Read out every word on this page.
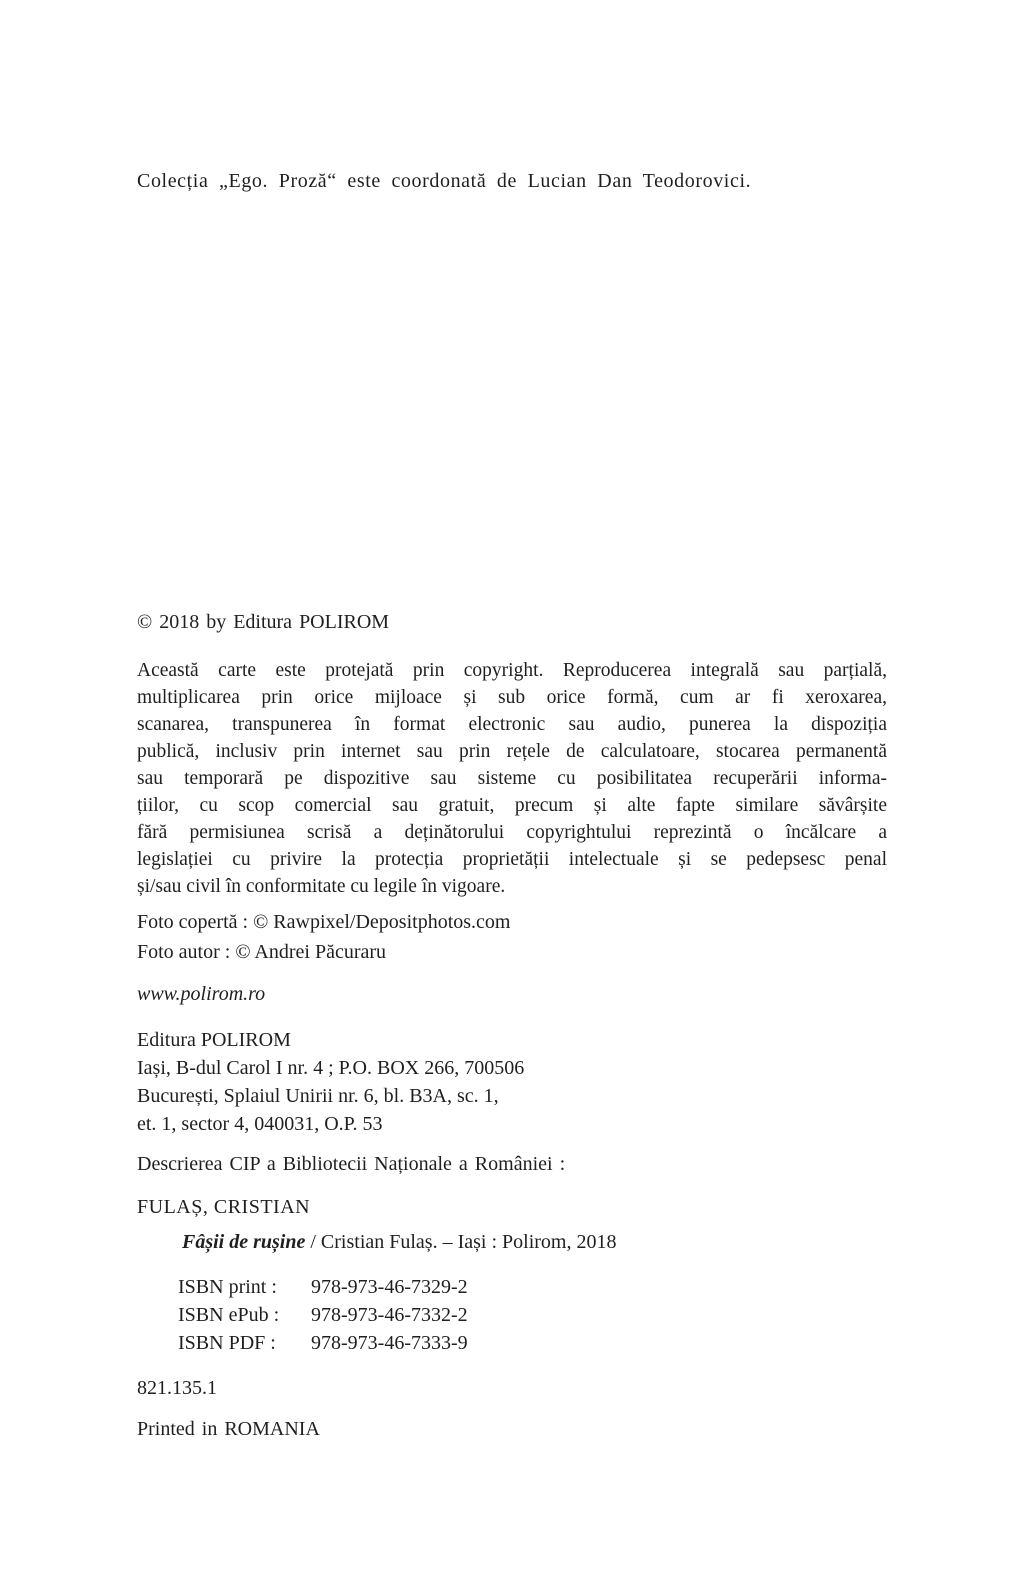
Colecția „Ego. Proză“ este coordonată de Lucian Dan Teodorovici.
© 2018 by Editura POLIROM
Această carte este protejată prin copyright. Reproducerea integrală sau parțială,
multiplicarea prin orice mijloace și sub orice formă, cum ar fi xeroxarea,
scanarea, transpunerea în format electronic sau audio, punerea la dispoziția
publică, inclusiv prin internet sau prin rețele de calculatoare, stocarea permanentă
sau temporară pe dispozitive sau sisteme cu posibilitatea recuperării informa-
țiilor, cu scop comercial sau gratuit, precum și alte fapte similare săvârșite
fără permisiunea scrisă a deținătorului copyrightului reprezintă o încălcare a
legislației cu privire la protecția proprietății intelectuale și se pedepsesc penal
și/sau civil în conformitate cu legile în vigoare.
Foto copertă : © Rawpixel/Depositphotos.com
Foto autor : © Andrei Păcuraru
www.polirom.ro
Editura POLIROM
Iași, B-dul Carol I nr. 4 ; P.O. BOX 266, 700506
București, Splaiul Unirii nr. 6, bl. B3A, sc. 1,
et. 1, sector 4, 040031, O.P. 53
Descrierea CIP a Bibliotecii Naționale a României :
FULAȘ, CRISTIAN
Fâșii de rușine / Cristian Fulaș. – Iași : Polirom, 2018
ISBN print : 978-973-46-7329-2
ISBN ePub : 978-973-46-7332-2
ISBN PDF : 978-973-46-7333-9
821.135.1
Printed in ROMANIA
